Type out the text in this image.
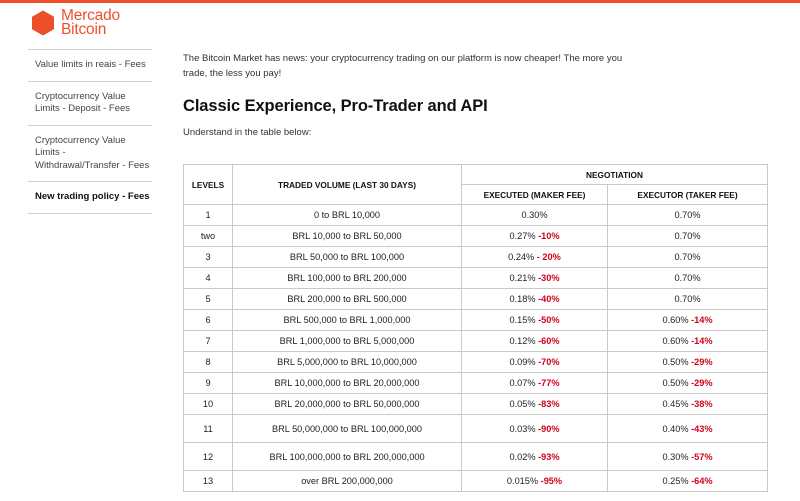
Mercado
Bitcoin
Value limits in reais - Fees
Cryptocurrency Value Limits - Deposit - Fees
Cryptocurrency Value Limits - Withdrawal/Transfer - Fees
New trading policy - Fees

The Bitcoin Market has news: your cryptocurrency trading on our platform is now cheaper! The more you trade, the less you pay!

Classic Experience, Pro-Trader and API

Understand in the table below:

LEVELS	TRADED VOLUME (LAST 30 DAYS)	NEGOTIATION	
		EXECUTED (MAKER FEE)	EXECUTOR (TAKER FEE)
1	0 to BRL 10,000	0.30%	0.70%
two	BRL 10,000 to BRL 50,000	0.27% -10%	0.70%
3	BRL 50,000 to BRL 100,000	0.24% - 20%	0.70%
4	BRL 100,000 to BRL 200,000	0.21% -30%	0.70%
5	BRL 200,000 to BRL 500,000	0.18% -40%	0.70%
6	BRL 500,000 to BRL 1,000,000	0.15% -50%	0.60% -14%
7	BRL 1,000,000 to BRL 5,000,000	0.12% -60%	0.60% -14%
8	BRL 5,000,000 to BRL 10,000,000	0.09% -70%	0.50% -29%
9	BRL 10,000,000 to BRL 20,000,000	0.07% -77%	0.50% -29%
10	BRL 20,000,000 to BRL 50,000,000	0.05% -83%	0.45% -38%
11	BRL 50,000,000 to BRL 100,000,000	0.03% -90%	0.40% -43%
12	BRL 100,000,000 to BRL 200,000,000	0.02% -93%	0.30% -57%
13	over BRL 200,000,000	0.015% -95%	0.25% -64%
